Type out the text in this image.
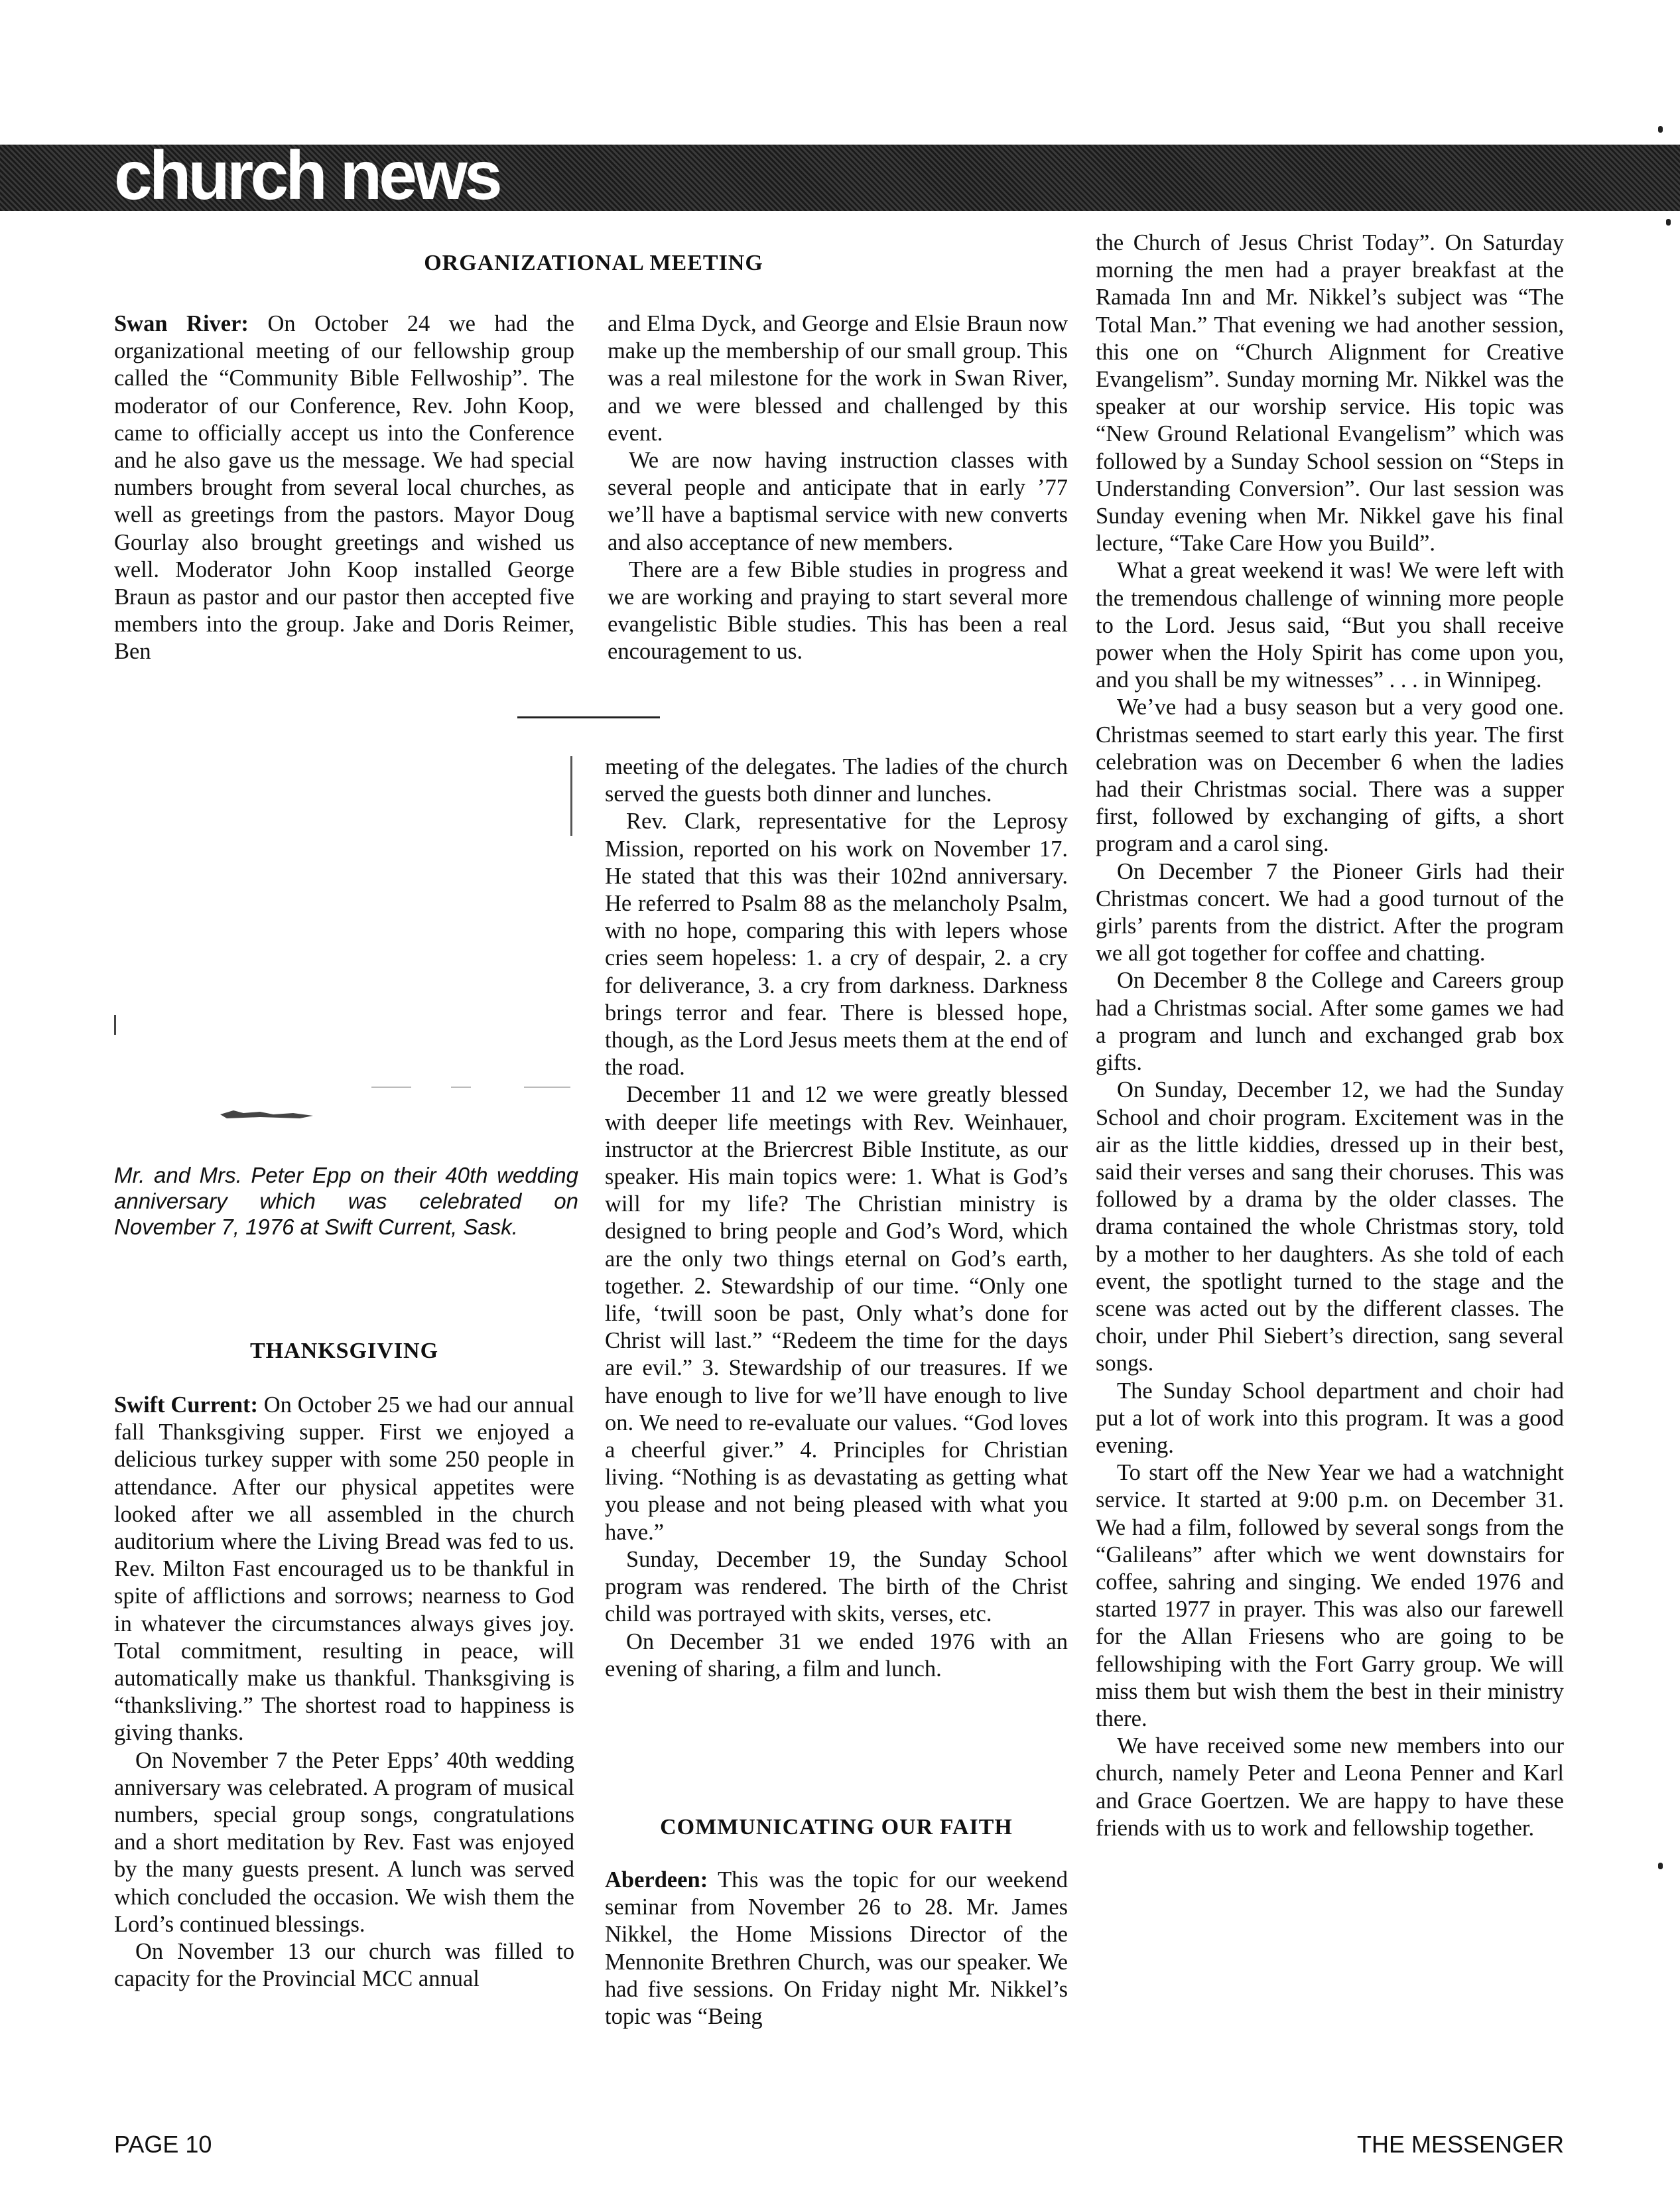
church news
ORGANIZATIONAL MEETING

Swan River: On October 24 we had the organizational meeting of our fellowship group called the “Community Bible Fellwoship”. The moderator of our Conference, Rev. John Koop, came to officially accept us into the Conference and he also gave us the message. We had special numbers brought from several local churches, as well as greetings from the pastors. Mayor Doug Gourlay also brought greetings and wished us well. Moderator John Koop installed George Braun as pastor and our pastor then accepted five members into the group. Jake and Doris Reimer, Ben

and Elma Dyck, and George and Elsie Braun now make up the membership of our small group. This was a real milestone for the work in Swan River, and we were blessed and challenged by this event.

We are now having instruction classes with several people and anticipate that in early ’77 we’ll have a baptismal service with new converts and also acceptance of new members.

There are a few Bible studies in progress and we are working and praying to start several more evangelistic Bible studies. This has been a real encouragement to us.

Mr. and Mrs. Peter Epp on their 40th wedding anniversary which was celebrated on November 7, 1976 at Swift Current, Sask.
THANKSGIVING

Swift Current: On October 25 we had our annual fall Thanksgiving supper. First we enjoyed a delicious turkey supper with some 250 people in attendance. After our physical appetites were looked after we all assembled in the church auditorium where the Living Bread was fed to us. Rev. Milton Fast encouraged us to be thankful in spite of afflictions and sorrows; nearness to God in whatever the circumstances always gives joy. Total commitment, resulting in peace, will automatically make us thankful. Thanksgiving is “thanksliving.” The shortest road to happiness is giving thanks.

On November 7 the Peter Epps’ 40th wedding anniversary was celebrated. A program of musical numbers, special group songs, congratulations and a short meditation by Rev. Fast was enjoyed by the many guests present. A lunch was served which concluded the occasion. We wish them the Lord’s continued blessings.

On November 13 our church was filled to capacity for the Provincial MCC annual

meeting of the delegates. The ladies of the church served the guests both dinner and lunches.

Rev. Clark, representative for the Leprosy Mission, reported on his work on November 17. He stated that this was their 102nd anniversary. He referred to Psalm 88 as the melancholy Psalm, with no hope, comparing this with lepers whose cries seem hopeless: 1. a cry of despair, 2. a cry for deliverance, 3. a cry from darkness. Darkness brings terror and fear. There is blessed hope, though, as the Lord Jesus meets them at the end of the road.

December 11 and 12 we were greatly blessed with deeper life meetings with Rev. Weinhauer, instructor at the Briercrest Bible Institute, as our speaker. His main topics were: 1. What is God’s will for my life? The Christian ministry is designed to bring people and God’s Word, which are the only two things eternal on God’s earth, together. 2. Stewardship of our time. “Only one life, ‘twill soon be past, Only what’s done for Christ will last.” “Redeem the time for the days are evil.” 3. Stewardship of our treasures. If we have enough to live for we’ll have enough to live on. We need to re-evaluate our values. “God loves a cheerful giver.” 4. Principles for Christian living. “Nothing is as devastating as getting what you please and not being pleased with what you have.”

Sunday, December 19, the Sunday School program was rendered. The birth of the Christ child was portrayed with skits, verses, etc.

On December 31 we ended 1976 with an evening of sharing, a film and lunch.

COMMUNICATING OUR FAITH

Aberdeen: This was the topic for our weekend seminar from November 26 to 28. Mr. James Nikkel, the Home Missions Director of the Mennonite Brethren Church, was our speaker. We had five sessions. On Friday night Mr. Nikkel’s topic was “Being

the Church of Jesus Christ Today”. On Saturday morning the men had a prayer breakfast at the Ramada Inn and Mr. Nikkel’s subject was “The Total Man.” That evening we had another session, this one on “Church Alignment for Creative Evangelism”. Sunday morning Mr. Nikkel was the speaker at our worship service. His topic was “New Ground Relational Evangelism” which was followed by a Sunday School session on “Steps in Understanding Conversion”. Our last session was Sunday evening when Mr. Nikkel gave his final lecture, “Take Care How you Build”.

What a great weekend it was! We were left with the tremendous challenge of winning more people to the Lord. Jesus said, “But you shall receive power when the Holy Spirit has come upon you, and you shall be my witnesses” . . . in Winnipeg.

We’ve had a busy season but a very good one. Christmas seemed to start early this year. The first celebration was on December 6 when the ladies had their Christmas social. There was a supper first, followed by exchanging of gifts, a short program and a carol sing.

On December 7 the Pioneer Girls had their Christmas concert. We had a good turnout of the girls’ parents from the district. After the program we all got together for coffee and chatting.

On December 8 the College and Careers group had a Christmas social. After some games we had a program and lunch and exchanged grab box gifts.

On Sunday, December 12, we had the Sunday School and choir program. Excitement was in the air as the little kiddies, dressed up in their best, said their verses and sang their choruses. This was followed by a drama by the older classes. The drama contained the whole Christmas story, told by a mother to her daughters. As she told of each event, the spotlight turned to the stage and the scene was acted out by the different classes. The choir, under Phil Siebert’s direction, sang several songs.

The Sunday School department and choir had put a lot of work into this program. It was a good evening.

To start off the New Year we had a watchnight service. It started at 9:00 p.m. on December 31. We had a film, followed by several songs from the “Galileans” after which we went downstairs for coffee, sahring and singing. We ended 1976 and started 1977 in prayer. This was also our farewell for the Allan Friesens who are going to be fellowshiping with the Fort Garry group. We will miss them but wish them the best in their ministry there.

We have received some new members into our church, namely Peter and Leona Penner and Karl and Grace Goertzen. We are happy to have these friends with us to work and fellowship together.

PAGE 10	THE MESSENGER
